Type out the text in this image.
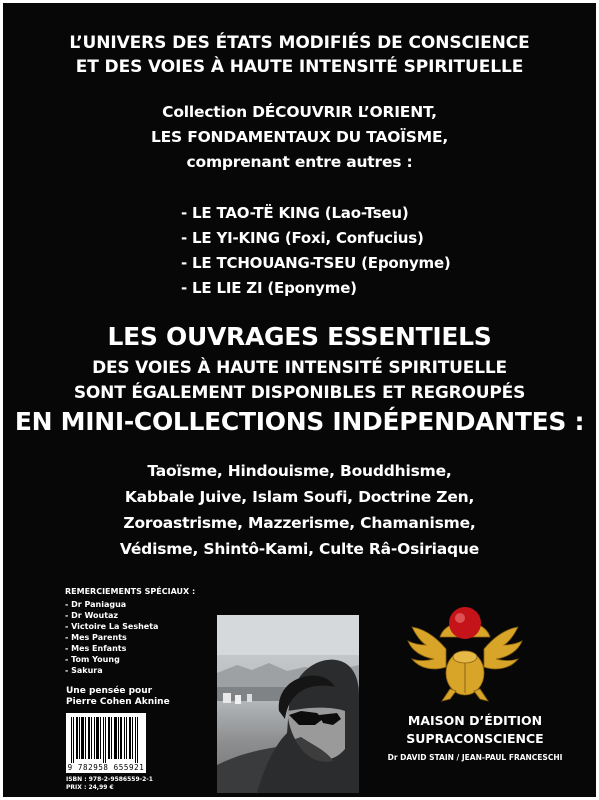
L’UNIVERS DES ÉTATS MODIFIÉS DE CONSCIENCE
ET DES VOIES À HAUTE INTENSITÉ SPIRITUELLE
Collection DÉCOUVRIR L’ORIENT,
LES FONDAMENTAUX DU TAOÏSME,
comprenant entre autres :
- LE TAO-TË KING (Lao-Tseu)
- LE YI-KING (Foxi, Confucius)
- LE TCHOUANG-TSEU (Eponyme)
- LE LIE ZI (Eponyme)
LES OUVRAGES ESSENTIELS
DES VOIES À HAUTE INTENSITÉ SPIRITUELLE
SONT ÉGALEMENT DISPONIBLES ET REGROUPÉS
EN MINI-COLLECTIONS INDÉPENDANTES :
Taoïsme, Hindouisme, Bouddhisme,
Kabbale Juive, Islam Soufi, Doctrine Zen,
Zoroastrisme, Mazzerisme, Chamanisme,
Védisme, Shintô-Kami, Culte Râ-Osiriaque
REMERCIEMENTS SPÉCIAUX :
- Dr Paniagua
- Dr Woutaz
- Victoire La Sesheta
- Mes Parents
- Mes Enfants
- Tom Young
- Sakura
Une pensée pour
Pierre Cohen Aknine
9 782958 655921
ISBN : 978-2-9586559-2-1
PRIX : 24,99 €
MAISON D’ÉDITION
SUPRACONSCIENCE
Dr DAVID STAIN / JEAN-PAUL FRANCESCHI
